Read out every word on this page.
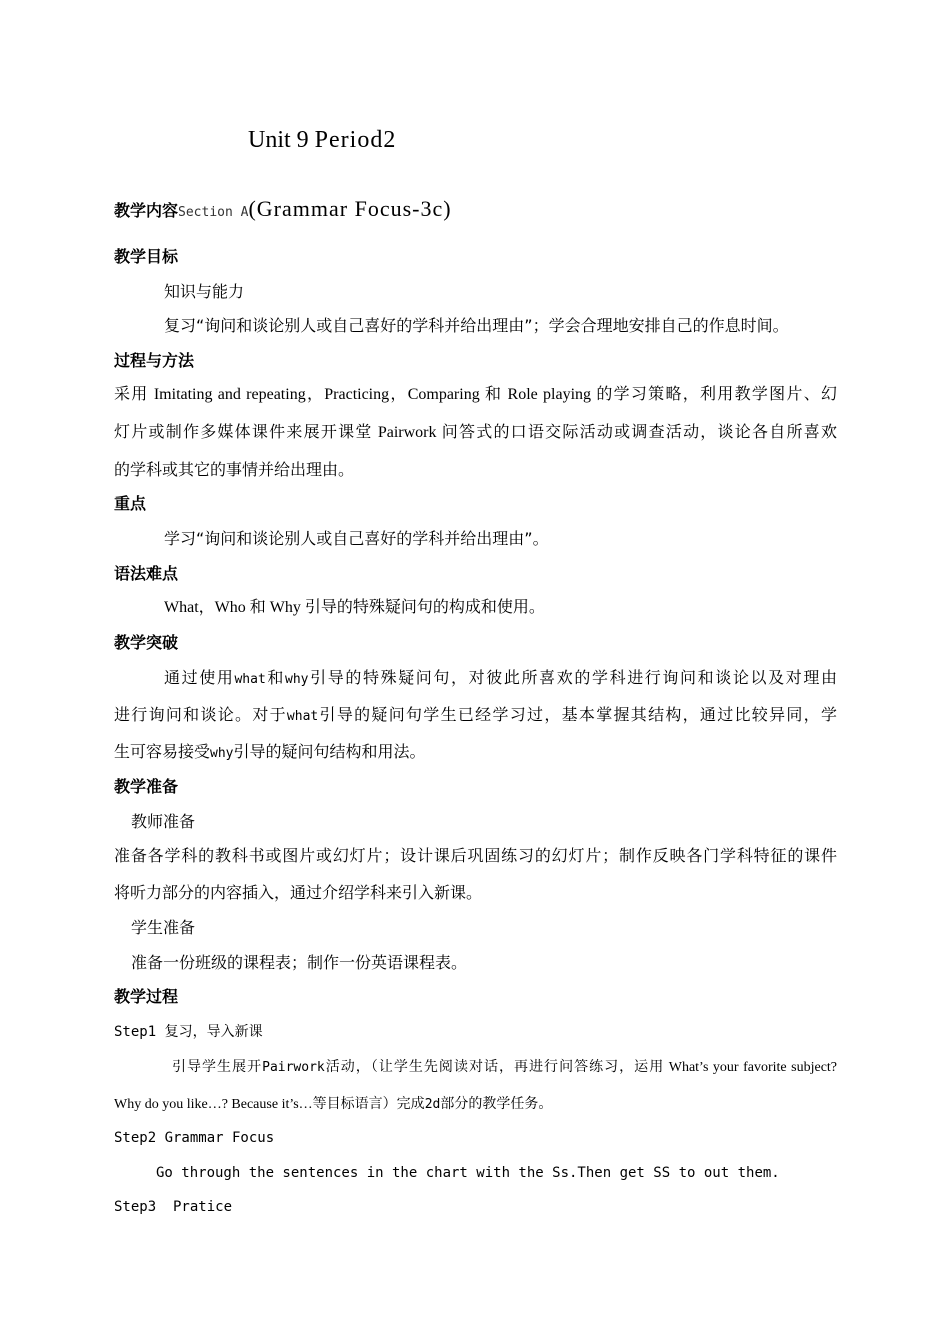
Unit 9 Period2
教学内容Section A(Grammar Focus-3c)
教学目标
知识与能力
复习“询问和谈论别人或自己喜好的学科并给出理由”；学会合理地安排自己的作息时间。
过程与方法
采用 Imitating and repeating，Practicing，Comparing 和 Role playing 的学习策略，利用教学图片、幻
灯片或制作多媒体课件来展开课堂 Pairwork 问答式的口语交际活动或调查活动，谈论各自所喜欢
的学科或其它的事情并给出理由。
重点
学习“询问和谈论别人或自己喜好的学科并给出理由”。
语法难点
What，Who 和 Why 引导的特殊疑问句的构成和使用。
教学突破
通过使用what和why引导的特殊疑问句，对彼此所喜欢的学科进行询问和谈论以及对理由
进行询问和谈论。对于what引导的疑问句学生已经学习过，基本掌握其结构，通过比较异同，学
生可容易接受why引导的疑问句结构和用法。
教学准备
教师准备
准备各学科的教科书或图片或幻灯片；设计课后巩固练习的幻灯片；制作反映各门学科特征的课件
将听力部分的内容插入，通过介绍学科来引入新课。
学生准备
准备一份班级的课程表；制作一份英语课程表。
教学过程
Step1 复习，导入新课
引导学生展开Pairwork活动，（让学生先阅读对话，再进行问答练习，运用 What’s your favorite subject?
Why do you like…? Because it’s…等目标语言）完成2d部分的教学任务。
Step2 Grammar Focus
Go through the sentences in the chart with the Ss.Then get SS to out them.
Step3  Pratice
